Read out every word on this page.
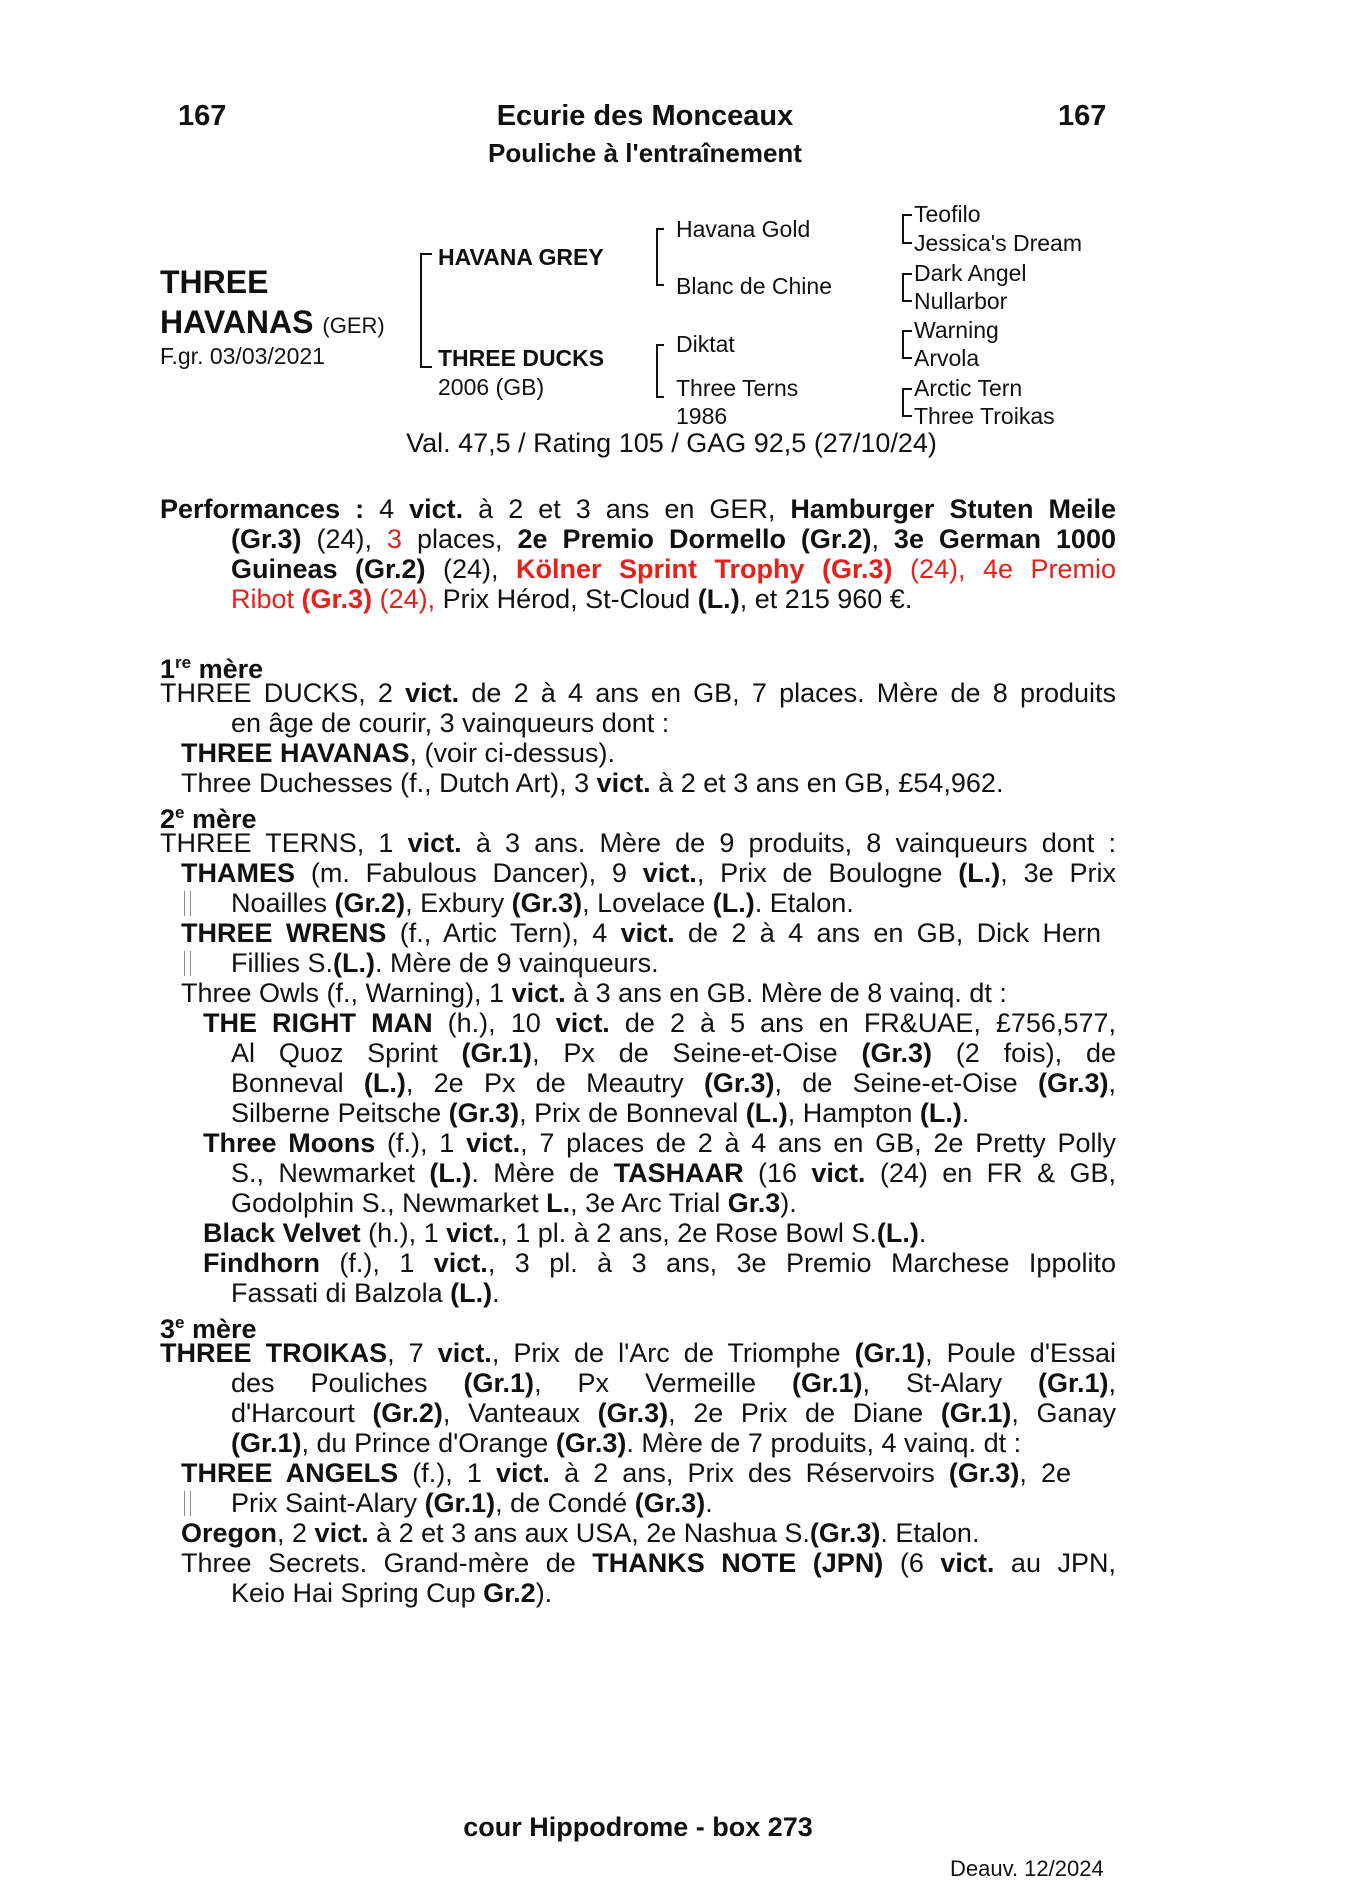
167	Ecurie des Monceaux	167
Pouliche à l'entraînement
THREE
HAVANAS (GER)
F.gr. 03/03/2021
HAVANA GREY
THREE DUCKS
2006 (GB)
Havana Gold
Blanc de Chine
Diktat
Three Terns
1986
Teofilo
Jessica's Dream
Dark Angel
Nullarbor
Warning
Arvola
Arctic Tern
Three Troikas
Val. 47,5 / Rating 105 / GAG 92,5 (27/10/24)
Performances : 4 vict. à 2 et 3 ans en GER, Hamburger Stuten Meile
(Gr.3) (24), 3 places, 2e Premio Dormello (Gr.2), 3e German 1000
Guineas (Gr.2) (24), Kölner Sprint Trophy (Gr.3) (24), 4e Premio
Ribot (Gr.3) (24), Prix Hérod, St-Cloud (L.), et 215 960 €.
1re mère
THREE DUCKS, 2 vict. de 2 à 4 ans en GB, 7 places. Mère de 8 produits
en âge de courir, 3 vainqueurs dont :
THREE HAVANAS, (voir ci-dessus).
Three Duchesses (f., Dutch Art), 3 vict. à 2 et 3 ans en GB, £54,962.
2e mère
THREE TERNS, 1 vict. à 3 ans. Mère de 9 produits, 8 vainqueurs dont :
THAMES (m. Fabulous Dancer), 9 vict., Prix de Boulogne (L.), 3e Prix
Noailles (Gr.2), Exbury (Gr.3), Lovelace (L.). Etalon.
THREE WRENS (f., Artic Tern), 4 vict. de 2 à 4 ans en GB, Dick Hern
Fillies S.(L.). Mère de 9 vainqueurs.
Three Owls (f., Warning), 1 vict. à 3 ans en GB. Mère de 8 vainq. dt :
THE RIGHT MAN (h.), 10 vict. de 2 à 5 ans en FR&UAE, £756,577,
Al Quoz Sprint (Gr.1), Px de Seine-et-Oise (Gr.3) (2 fois), de
Bonneval (L.), 2e Px de Meautry (Gr.3), de Seine-et-Oise (Gr.3),
Silberne Peitsche (Gr.3), Prix de Bonneval (L.), Hampton (L.).
Three Moons (f.), 1 vict., 7 places de 2 à 4 ans en GB, 2e Pretty Polly
S., Newmarket (L.). Mère de TASHAAR (16 vict. (24) en FR & GB,
Godolphin S., Newmarket L., 3e Arc Trial Gr.3).
Black Velvet (h.), 1 vict., 1 pl. à 2 ans, 2e Rose Bowl S.(L.).
Findhorn (f.), 1 vict., 3 pl. à 3 ans, 3e Premio Marchese Ippolito
Fassati di Balzola (L.).
3e mère
THREE TROIKAS, 7 vict., Prix de l'Arc de Triomphe (Gr.1), Poule d'Essai
des Pouliches (Gr.1), Px Vermeille (Gr.1), St-Alary (Gr.1),
d'Harcourt (Gr.2), Vanteaux (Gr.3), 2e Prix de Diane (Gr.1), Ganay
(Gr.1), du Prince d'Orange (Gr.3). Mère de 7 produits, 4 vainq. dt :
THREE ANGELS (f.), 1 vict. à 2 ans, Prix des Réservoirs (Gr.3), 2e
Prix Saint-Alary (Gr.1), de Condé (Gr.3).
Oregon, 2 vict. à 2 et 3 ans aux USA, 2e Nashua S.(Gr.3). Etalon.
Three Secrets. Grand-mère de THANKS NOTE (JPN) (6 vict. au JPN,
Keio Hai Spring Cup Gr.2).
cour Hippodrome - box 273
Deauv. 12/2024
